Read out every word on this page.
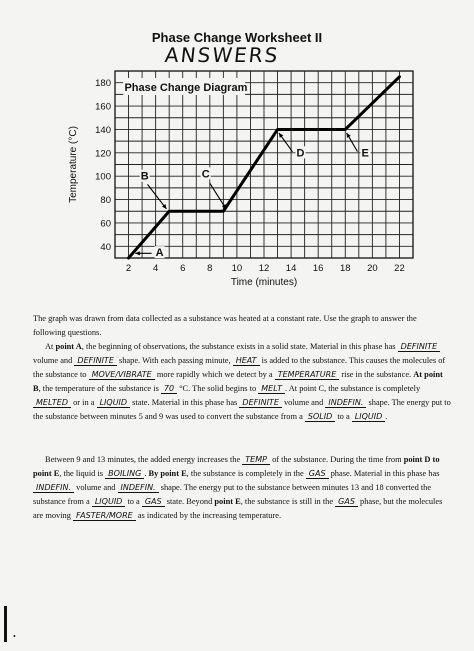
Phase Change Worksheet II
ANSWERS
2 4 6 8 10 12 14 16 18 20 22
40
60
80
100
120
140
160
180
Time (minutes)
Temperature (°C)
Phase Change Diagram
A
B	C
D	E
The graph was drawn from data collected as a substance was heated at a constant rate. Use the graph to answer the following questions.
At point A, the beginning of observations, the substance exists in a solid state. Material in this phase has DEFINITE volume and DEFINITE shape. With each passing minute, HEAT is added to the substance. This causes the molecules of the substance to MOVE/VIBRATE more rapidly which we detect by a TEMPERATURE rise in the substance. At point B, the temperature of the substance is 70 °C. The solid begins to MELT . At point C, the substance is completely MELTED or in a LIQUID state. Material in this phase has DEFINITE volume and INDEFIN. shape. The energy put to the substance between minutes 5 and 9 was used to convert the substance from a SOLID to a LIQUID .
Between 9 and 13 minutes, the added energy increases the TEMP of the substance. During the time from point D to point E, the liquid is BOILING . By point E, the substance is completely in the GAS phase. Material in this phase has INDEFIN. volume and INDEFIN. shape. The energy put to the substance between minutes 13 and 18 converted the substance from a LIQUID to a GAS state. Beyond point E, the substance is still in the GAS phase, but the molecules are moving FASTER/MORE as indicated by the increasing temperature.
•
